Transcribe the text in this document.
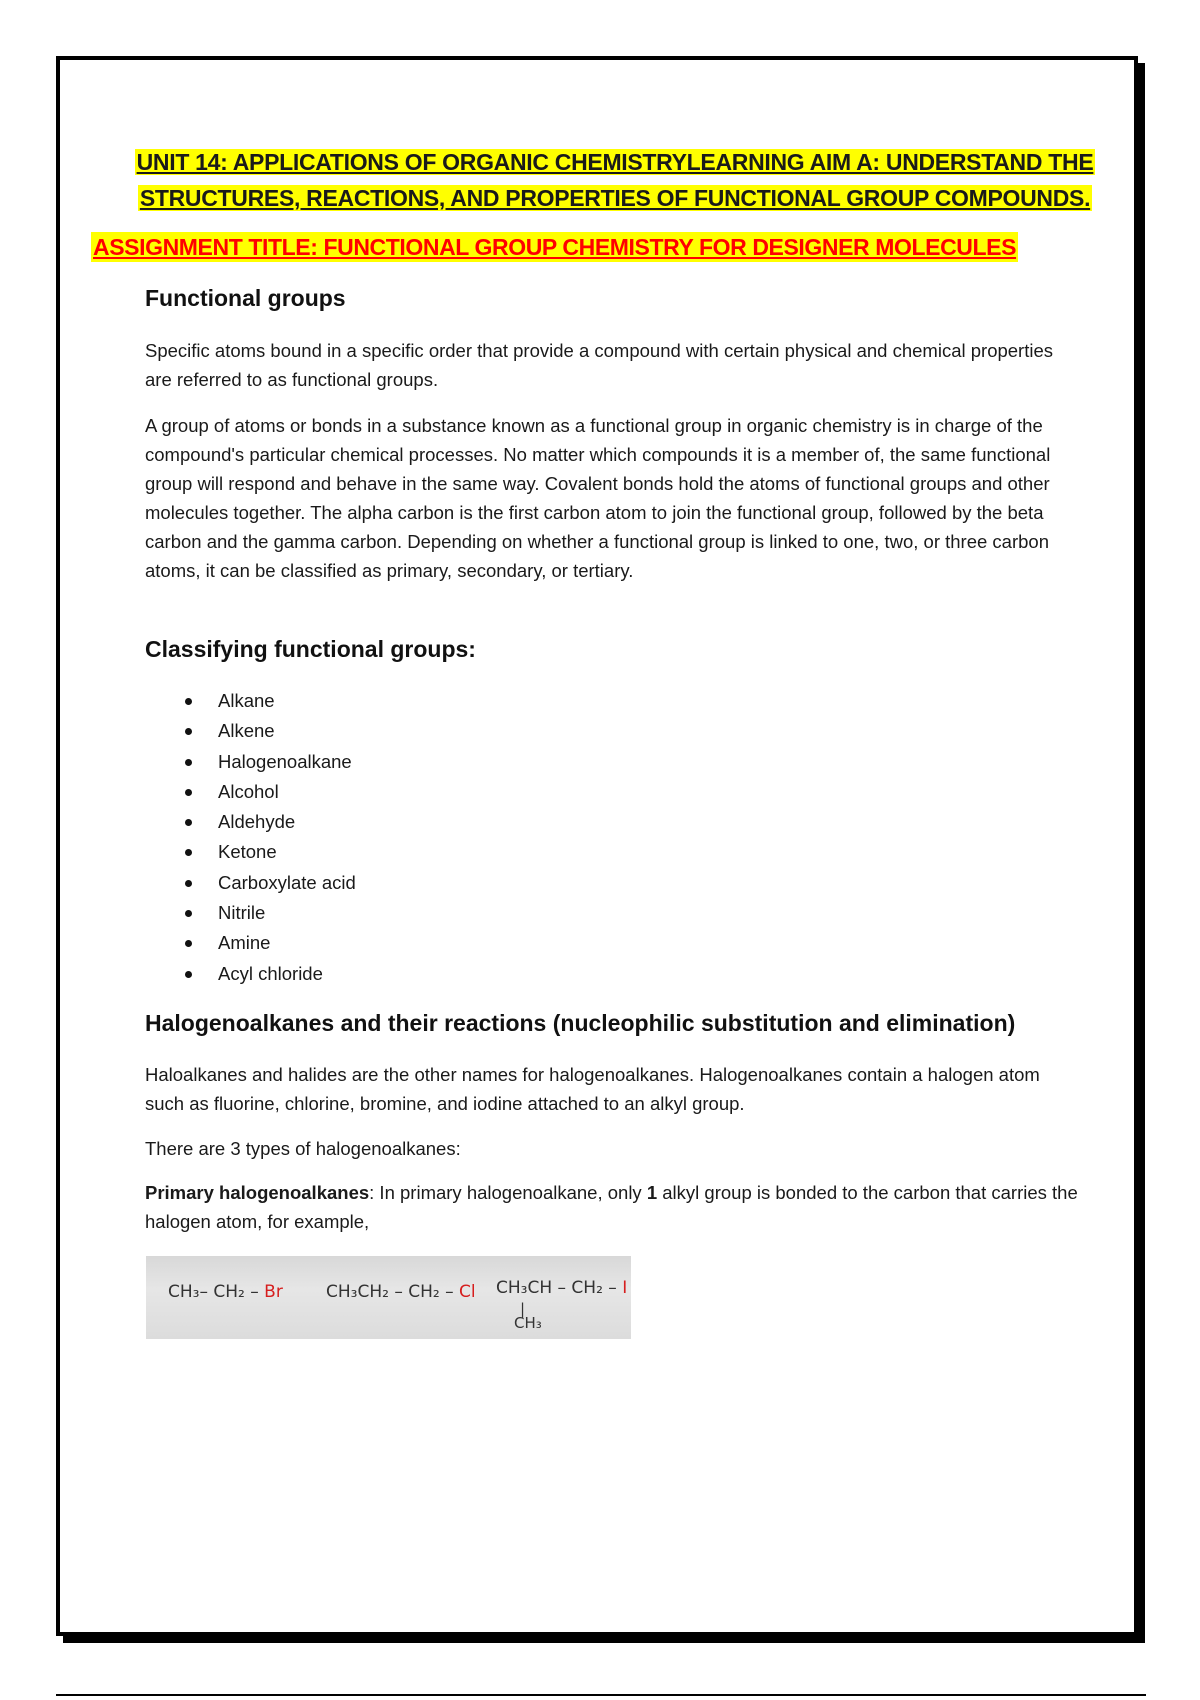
UNIT 14: APPLICATIONS OF ORGANIC CHEMISTRYLEARNING AIM A: UNDERSTAND THE STRUCTURES, REACTIONS, AND PROPERTIES OF FUNCTIONAL GROUP COMPOUNDS.
ASSIGNMENT TITLE: FUNCTIONAL GROUP CHEMISTRY FOR DESIGNER MOLECULES
Functional groups
Specific atoms bound in a specific order that provide a compound with certain physical and chemical properties are referred to as functional groups.
A group of atoms or bonds in a substance known as a functional group in organic chemistry is in charge of the compound's particular chemical processes. No matter which compounds it is a member of, the same functional group will respond and behave in the same way. Covalent bonds hold the atoms of functional groups and other molecules together. The alpha carbon is the first carbon atom to join the functional group, followed by the beta carbon and the gamma carbon. Depending on whether a functional group is linked to one, two, or three carbon atoms, it can be classified as primary, secondary, or tertiary.
Classifying functional groups:
Alkane
Alkene
Halogenoalkane
Alcohol
Aldehyde
Ketone
Carboxylate acid
Nitrile
Amine
Acyl chloride
Halogenoalkanes and their reactions (nucleophilic substitution and elimination)
Haloalkanes and halides are the other names for halogenoalkanes. Halogenoalkanes contain a halogen atom such as fluorine, chlorine, bromine, and iodine attached to an alkyl group.
There are 3 types of halogenoalkanes:
Primary halogenoalkanes: In primary halogenoalkane, only 1 alkyl group is bonded to the carbon that carries the halogen atom, for example,
CH₃– CH₂ – Br	CH₃CH₂ – CH₂ – Cl CH₃CH – CH₂ – I
|
CH₃
